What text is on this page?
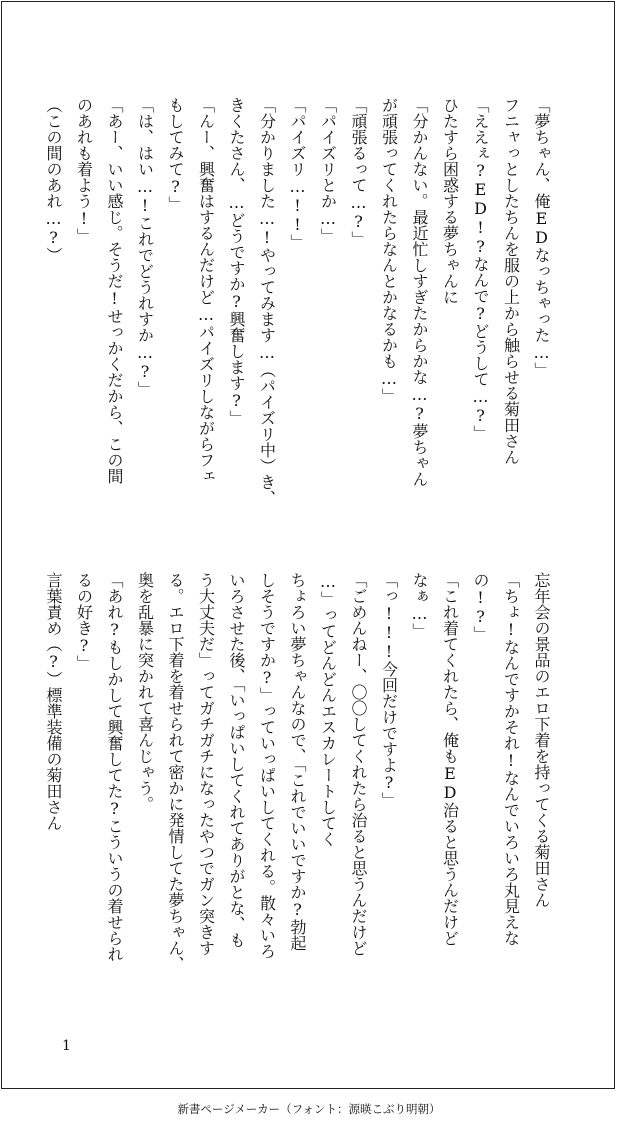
「夢ちゃん、俺EDなっちゃった…」
フニャっとしたちんを服の上から触らせる菊田さん
「ええぇ?ED!?なんで?どうして…?」
ひたすら困惑する夢ちゃんに
「分かんない。最近忙しすぎたからかな…?夢ちゃん
が頑張ってくれたらなんとかなるかも…」
「頑張るって…?」
「パイズリとか…」
「パイズリ…!!」
「分かりました…!やってみます…（パイズリ中）き、
きくたさん、…どうですか?興奮します?」
「んー、興奮はするんだけど…パイズリしながらフェ
もしてみて?」
「は、はい…!これでどうれすか…?」
「あー、いい感じ。そうだ!せっかくだから、この間
のあれも着よう!」
（この間のあれ…?）
忘年会の景品のエロ下着を持ってくる菊田さん
「ちょ!なんですかそれ!なんでいろいろ丸見えな
の!?」
「これ着てくれたら、俺もED治ると思うんだけど
なぁ…」
「っ!!!今回だけですよ?」
「ごめんねー、〇〇してくれたら治ると思うんだけど
…」ってどんどんエスカレートしてく
ちょろい夢ちゃんなので、「これでいいですか?勃起
しそうですか?」っていっぱいしてくれる。散々いろ
いろさせた後、「いっぱいしてくれてありがとな、も
う大丈夫だ」ってガチガチになったやつでガン突きす
る。エロ下着を着せられて密かに発情してた夢ちゃん、
奥を乱暴に突かれて喜んじゃう。
「あれ?もしかして興奮してた?こういうの着せられ
るの好き?」
言葉責め（?）標準装備の菊田さん
1
新書ページメーカー（フォント：源暎こぶり明朝）
